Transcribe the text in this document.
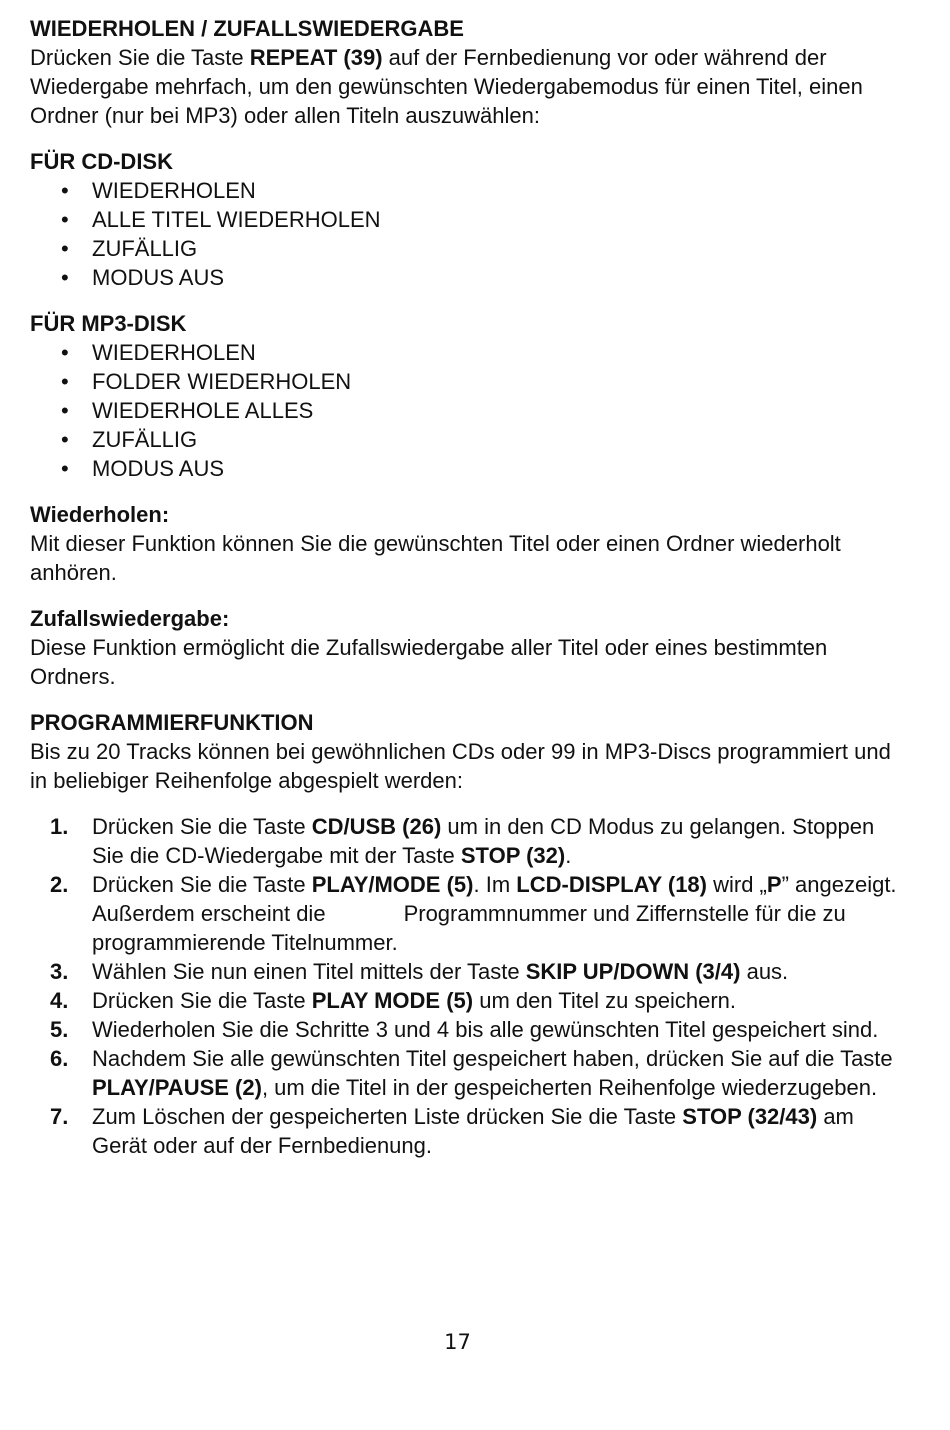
WIEDERHOLEN / ZUFALLSWIEDERGABE

Drücken Sie die Taste REPEAT (39) auf der Fernbedienung vor oder während der Wiedergabe mehrfach, um den gewünschten Wiedergabemodus für einen Titel, einen Ordner (nur bei MP3) oder allen Titeln auszuwählen:

FÜR CD-DISK

• WIEDERHOLEN
• ALLE TITEL WIEDERHOLEN
• ZUFÄLLIG
• MODUS AUS

FÜR MP3-DISK

• WIEDERHOLEN
• FOLDER WIEDERHOLEN
• WIEDERHOLE ALLES
• ZUFÄLLIG
• MODUS AUS

Wiederholen:

Mit dieser Funktion können Sie die gewünschten Titel oder einen Ordner wiederholt anhören.

Zufallswiedergabe:

Diese Funktion ermöglicht die Zufallswiedergabe aller Titel oder eines bestimmten Ordners.

PROGRAMMIERFUNKTION

Bis zu 20 Tracks können bei gewöhnlichen CDs oder 99 in MP3-Discs programmiert und in beliebiger Reihenfolge abgespielt werden:

1. Drücken Sie die Taste CD/USB (26) um in den CD Modus zu gelangen. Stoppen Sie die CD-Wiedergabe mit der Taste STOP (32).
2. Drücken Sie die Taste PLAY/MODE (5). Im LCD-DISPLAY (18) wird „P” angezeigt. Außerdem erscheint die	Programmnummer und Ziffernstelle für die zu programmierende Titelnummer.
3. Wählen Sie nun einen Titel mittels der Taste SKIP UP/DOWN (3/4) aus.
4. Drücken Sie die Taste PLAY MODE (5) um den Titel zu speichern.
5. Wiederholen Sie die Schritte 3 und 4 bis alle gewünschten Titel gespeichert sind.
6. Nachdem Sie alle gewünschten Titel gespeichert haben, drücken Sie auf die Taste PLAY/PAUSE (2), um die Titel in der gespeicherten Reihenfolge wiederzugeben.
7. Zum Löschen der gespeicherten Liste drücken Sie die Taste STOP (32/43) am Gerät oder auf der Fernbedienung.
17
